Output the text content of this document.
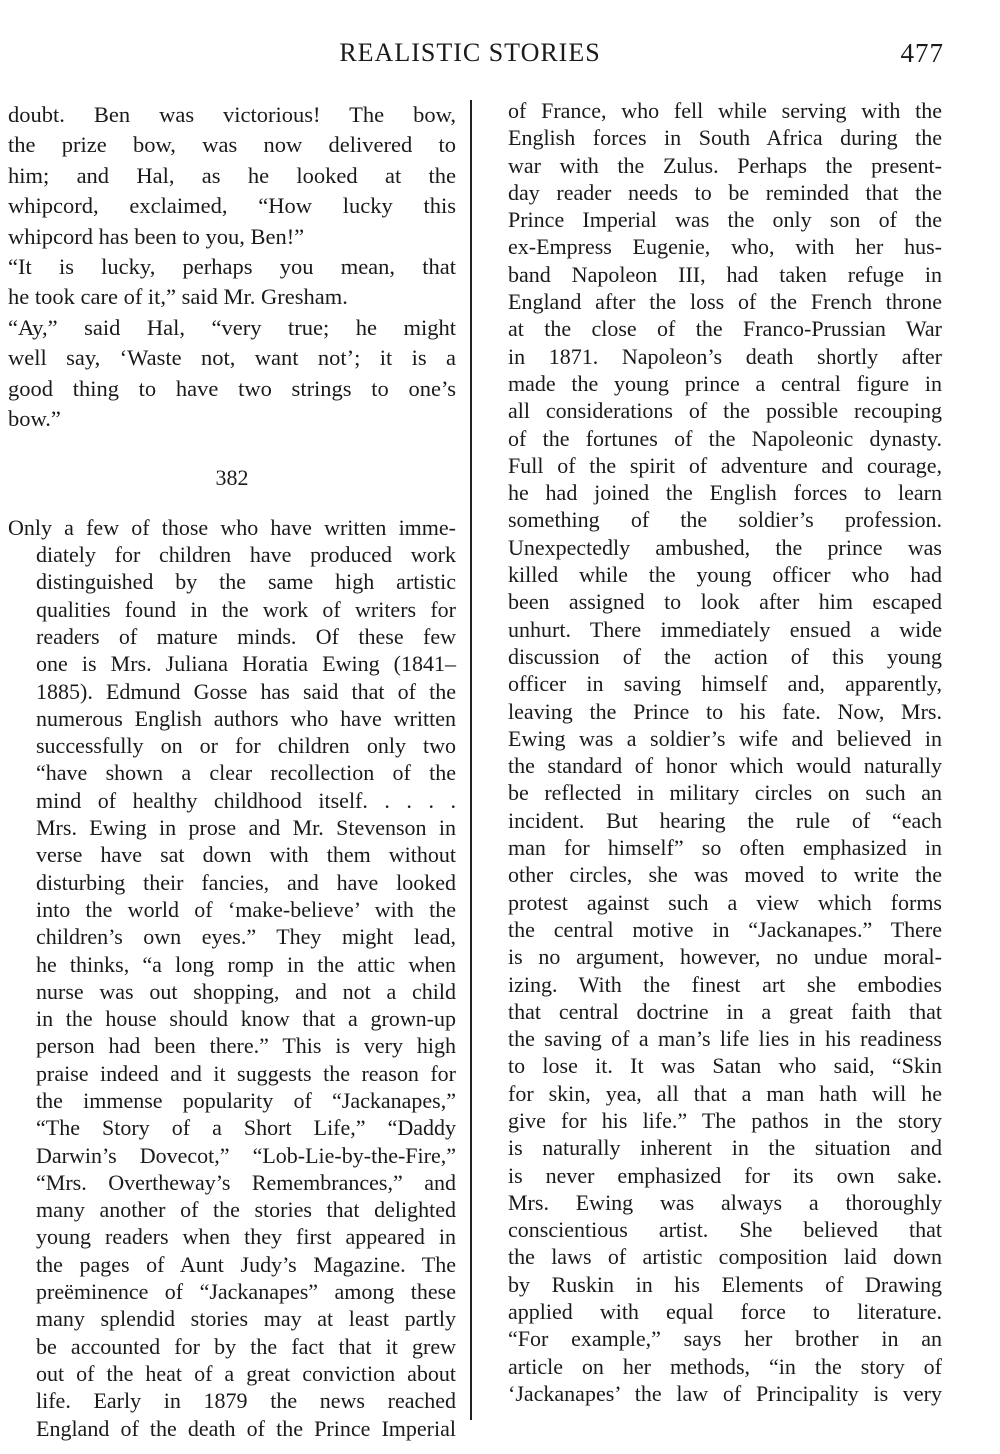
REALISTIC STORIES	477
doubt. Ben was victorious! The bow,
the prize bow, was now delivered to
him; and Hal, as he looked at the
whipcord, exclaimed, “How lucky this
whipcord has been to you, Ben!”
“It is lucky, perhaps you mean, that
he took care of it,” said Mr. Gresham.
“Ay,” said Hal, “very true; he might
well say, ‘Waste not, want not’; it is a
good thing to have two strings to one’s
bow.”
382
Only a few of those who have written imme-
diately for children have produced work
distinguished by the same high artistic
qualities found in the work of writers for
readers of mature minds. Of these few
one is Mrs. Juliana Horatia Ewing (1841–
1885). Edmund Gosse has said that of the
numerous English authors who have written
successfully on or for children only two
“have shown a clear recollection of the
mind of healthy childhood itself. . . . .
Mrs. Ewing in prose and Mr. Stevenson in
verse have sat down with them without
disturbing their fancies, and have looked
into the world of ‘make-believe’ with the
children’s own eyes.” They might lead,
he thinks, “a long romp in the attic when
nurse was out shopping, and not a child
in the house should know that a grown-up
person had been there.” This is very high
praise indeed and it suggests the reason for
the immense popularity of “Jackanapes,”
“The Story of a Short Life,” “Daddy
Darwin’s Dovecot,” “Lob-Lie-by-the-Fire,”
“Mrs. Overtheway’s Remembrances,” and
many another of the stories that delighted
young readers when they first appeared in
the pages of Aunt Judy’s Magazine. The
preëminence of “Jackanapes” among these
many splendid stories may at least partly
be accounted for by the fact that it grew
out of the heat of a great conviction about
life. Early in 1879 the news reached
England of the death of the Prince Imperial
of France, who fell while serving with the
English forces in South Africa during the
war with the Zulus. Perhaps the present-
day reader needs to be reminded that the
Prince Imperial was the only son of the
ex-Empress Eugenie, who, with her hus-
band Napoleon III, had taken refuge in
England after the loss of the French throne
at the close of the Franco-Prussian War
in 1871. Napoleon’s death shortly after
made the young prince a central figure in
all considerations of the possible recouping
of the fortunes of the Napoleonic dynasty.
Full of the spirit of adventure and courage,
he had joined the English forces to learn
something of the soldier’s profession.
Unexpectedly ambushed, the prince was
killed while the young officer who had
been assigned to look after him escaped
unhurt. There immediately ensued a wide
discussion of the action of this young
officer in saving himself and, apparently,
leaving the Prince to his fate. Now, Mrs.
Ewing was a soldier’s wife and believed in
the standard of honor which would naturally
be reflected in military circles on such an
incident. But hearing the rule of “each
man for himself” so often emphasized in
other circles, she was moved to write the
protest against such a view which forms
the central motive in “Jackanapes.” There
is no argument, however, no undue moral-
izing. With the finest art she embodies
that central doctrine in a great faith that
the saving of a man’s life lies in his readiness
to lose it. It was Satan who said, “Skin
for skin, yea, all that a man hath will he
give for his life.” The pathos in the story
is naturally inherent in the situation and
is never emphasized for its own sake.
Mrs. Ewing was always a thoroughly
conscientious artist. She believed that
the laws of artistic composition laid down
by Ruskin in his Elements of Drawing
applied with equal force to literature.
“For example,” says her brother in an
article on her methods, “in the story of
‘Jackanapes’ the law of Principality is very
